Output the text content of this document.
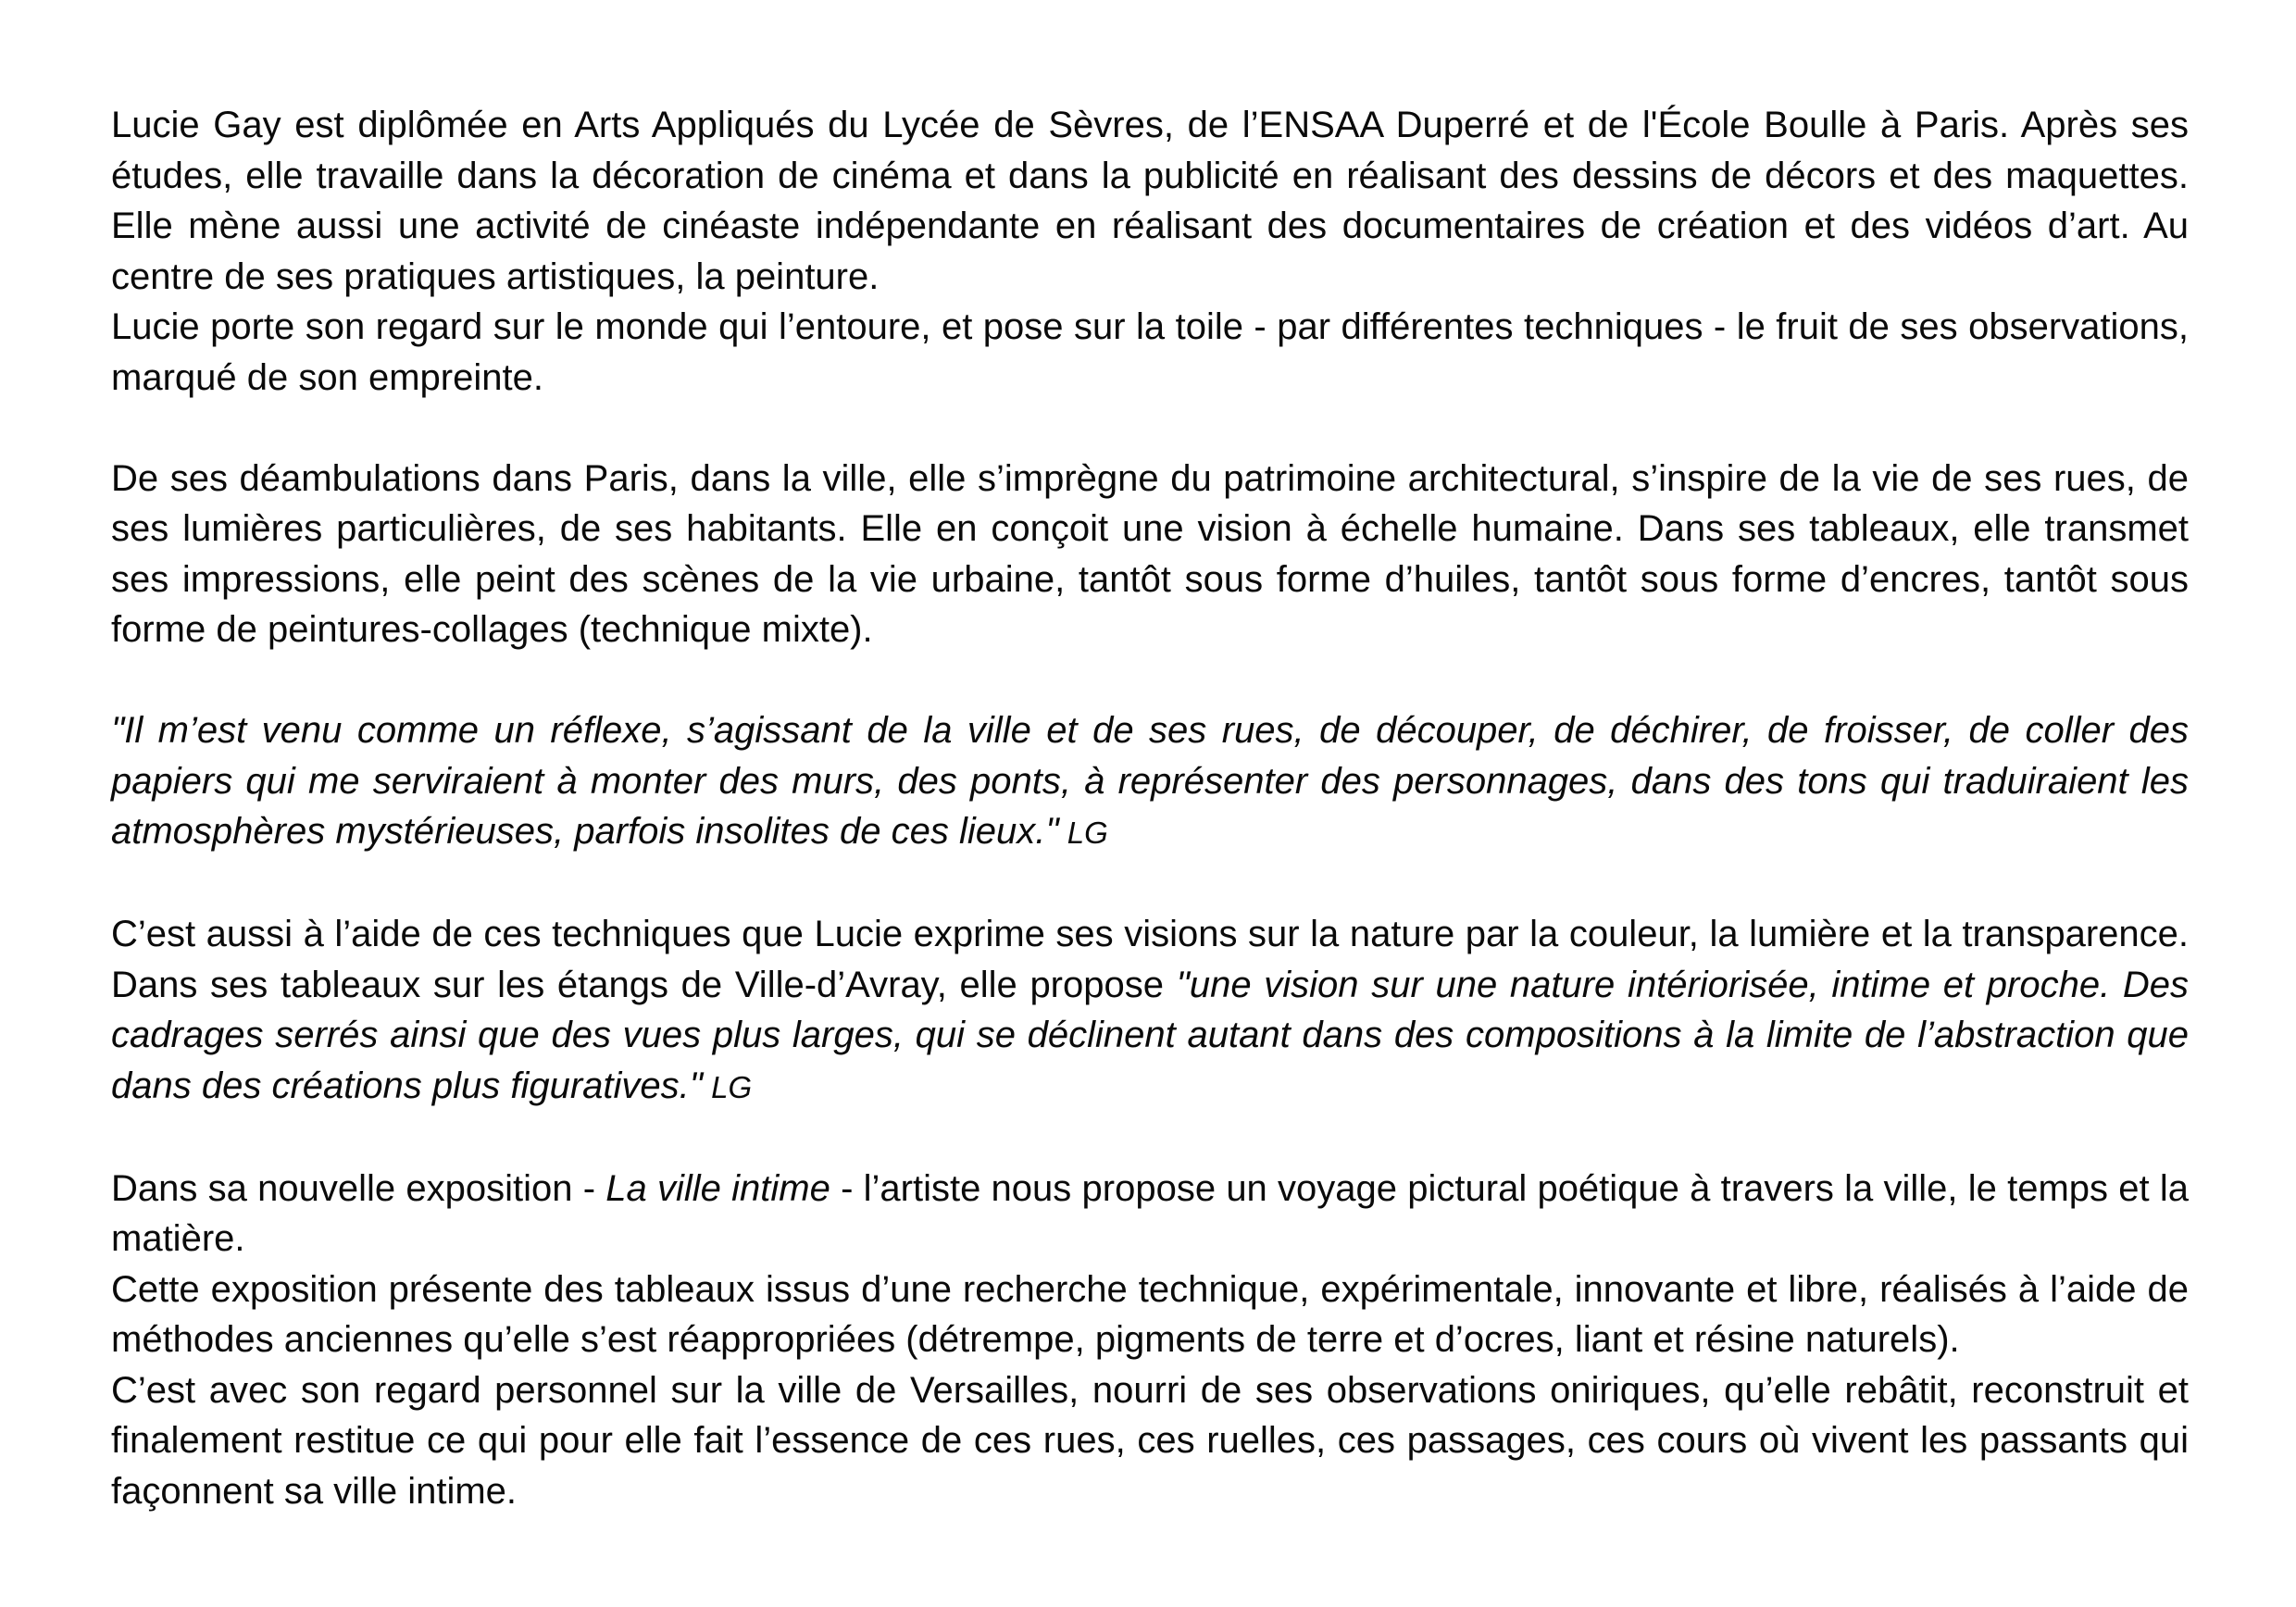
Lucie Gay est diplômée en Arts Appliqués du Lycée de Sèvres, de l’ENSAA Duperré et de l'École Boulle à Paris. Après ses études, elle travaille dans la décoration de cinéma et dans la publicité en réalisant des dessins de décors et des maquettes. Elle mène aussi une activité de cinéaste indépendante en réalisant des documentaires de création et des vidéos d’art. Au centre de ses pratiques artistiques, la peinture.

Lucie porte son regard sur le monde qui l’entoure, et pose sur la toile - par différentes techniques - le fruit de ses observations, marqué de son empreinte.

De ses déambulations dans Paris, dans la ville, elle s’imprègne du patrimoine architectural, s’inspire de la vie de ses rues, de ses lumières particulières, de ses habitants. Elle en conçoit une vision à échelle humaine. Dans ses tableaux, elle transmet ses impressions, elle peint des scènes de la vie urbaine, tantôt sous forme d’huiles, tantôt sous forme d’encres, tantôt sous forme de peintures-collages (technique mixte).

"Il m’est venu comme un réflexe, s’agissant de la ville et de ses rues, de découper, de déchirer, de froisser, de coller des papiers qui me serviraient à monter des murs, des ponts, à représenter des personnages, dans des tons qui traduiraient les atmosphères mystérieuses, parfois insolites de ces lieux." LG

C’est aussi à l’aide de ces techniques que Lucie exprime ses visions sur la nature par la couleur, la lumière et la transparence. Dans ses tableaux sur les étangs de Ville-d’Avray, elle propose "une vision sur une nature intériorisée, intime et proche. Des cadrages serrés ainsi que des vues plus larges, qui se déclinent autant dans des compositions à la limite de l’abstraction que dans des créations plus figuratives." LG

Dans sa nouvelle exposition - La ville intime - l’artiste nous propose un voyage pictural poétique à travers la ville, le temps et la matière.

Cette exposition présente des tableaux issus d’une recherche technique, expérimentale, innovante et libre, réalisés à l’aide de méthodes anciennes qu’elle s’est réappropriées (détrempe, pigments de terre et d’ocres, liant et résine naturels).

C’est avec son regard personnel sur la ville de Versailles, nourri de ses observations oniriques, qu’elle rebâtit, reconstruit et finalement restitue ce qui pour elle fait l’essence de ces rues, ces ruelles, ces passages, ces cours où vivent les passants qui façonnent sa ville intime.
